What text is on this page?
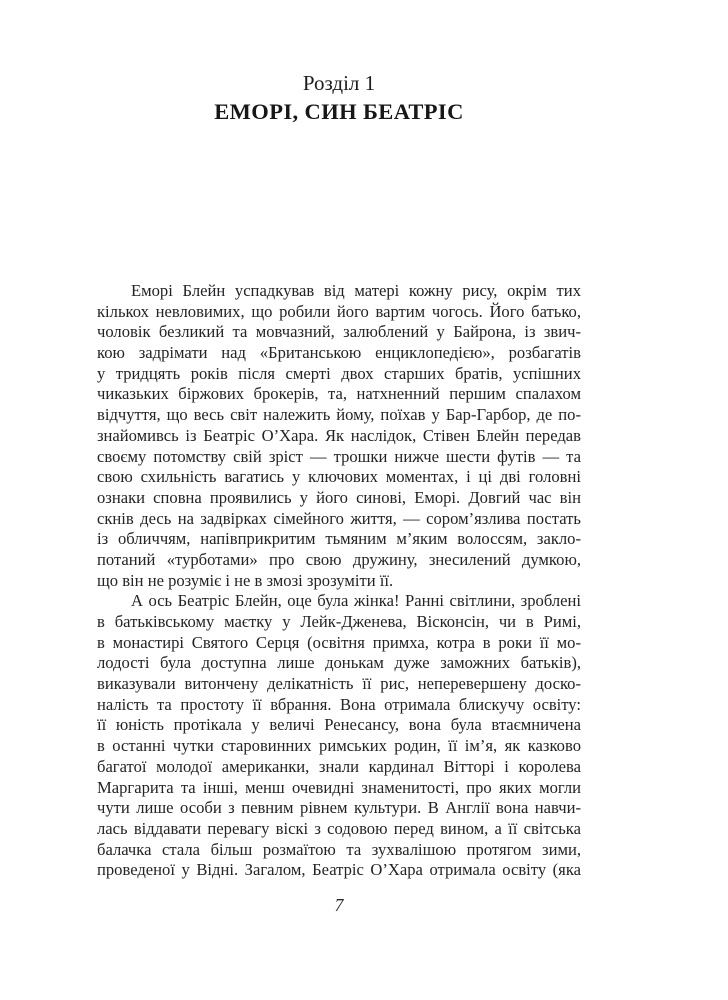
Розділ 1
ЕМОРІ, СИН БЕАТРІС
Еморі Блейн успадкував від матері кожну рису, окрім тих
кількох невловимих, що робили його вартим чогось. Його батько,
чоловік безликий та мовчазний, залюблений у Байрона, із звич-
кою задрімати над «Британською енциклопедією», розбагатів
у тридцять років після смерті двох старших братів, успішних
чиказьких біржових брокерів, та, натхненний першим спалахом
відчуття, що весь світ належить йому, поїхав у Бар-Гарбор, де по-
знайомивсь із Беатріс О’Хара. Як наслідок, Стівен Блейн передав
своєму потомству свій зріст — трошки нижче шести футів — та
свою схильність вагатись у ключових моментах, і ці дві головні
ознаки сповна проявились у його синові, Еморі. Довгий час він
скнів десь на задвірках сімейного життя, — сором’язлива постать
із обличчям, напівприкритим тьмяним м’яким волоссям, закло-
потаний «турботами» про свою дружину, знесилений думкою,
що він не розуміє і не в змозі зрозуміти її.
А ось Беатріс Блейн, оце була жінка! Ранні світлини, зроблені
в батьківському маєтку у Лейк-Дженева, Вісконсін, чи в Римі,
в монастирі Святого Серця (освітня примха, котра в роки її мо-
лодості була доступна лише донькам дуже заможних батьків),
виказували витончену делікатність її рис, неперевершену доско-
налість та простоту її вбрання. Вона отримала блискучу освіту:
її юність протікала у величі Ренесансу, вона була втаємничена
в останні чутки старовинних римських родин, її ім’я, як казково
багатої молодої американки, знали кардинал Вітторі і королева
Маргарита та інші, менш очевидні знаменитості, про яких могли
чути лише особи з певним рівнем культури. В Англії вона навчи-
лась віддавати перевагу віскі з содовою перед вином, а її світська
балачка стала більш розмаїтою та зухвалішою протягом зими,
проведеної у Відні. Загалом, Беатріс О’Хара отримала освіту (яка
7
